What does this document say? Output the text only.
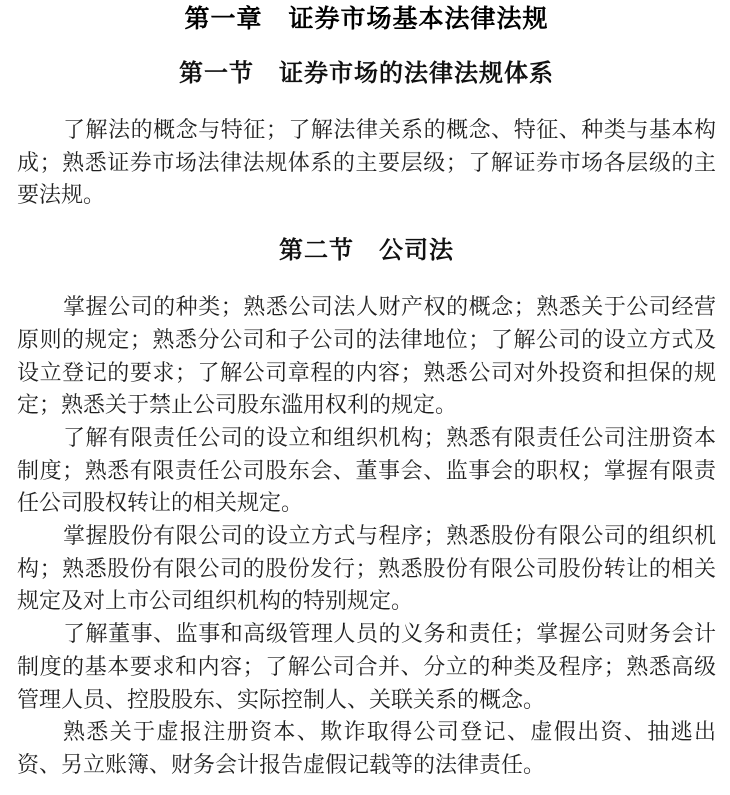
第一章　证券市场基本法律法规
第一节　证券市场的法律法规体系

了解法的概念与特征；了解法律关系的概念、特征、种类与基本构成；熟悉证券市场法律法规体系的主要层级；了解证券市场各层级的主要法规。

第二节　公司法

掌握公司的种类；熟悉公司法人财产权的概念；熟悉关于公司经营原则的规定；熟悉分公司和子公司的法律地位；了解公司的设立方式及设立登记的要求；了解公司章程的内容；熟悉公司对外投资和担保的规定；熟悉关于禁止公司股东滥用权利的规定。

了解有限责任公司的设立和组织机构；熟悉有限责任公司注册资本制度；熟悉有限责任公司股东会、董事会、监事会的职权；掌握有限责任公司股权转让的相关规定。

掌握股份有限公司的设立方式与程序；熟悉股份有限公司的组织机构；熟悉股份有限公司的股份发行；熟悉股份有限公司股份转让的相关规定及对上市公司组织机构的特别规定。

了解董事、监事和高级管理人员的义务和责任；掌握公司财务会计制度的基本要求和内容；了解公司合并、分立的种类及程序；熟悉高级管理人员、控股股东、实际控制人、关联关系的概念。

熟悉关于虚报注册资本、欺诈取得公司登记、虚假出资、抽逃出资、另立账簿、财务会计报告虚假记载等的法律责任。
